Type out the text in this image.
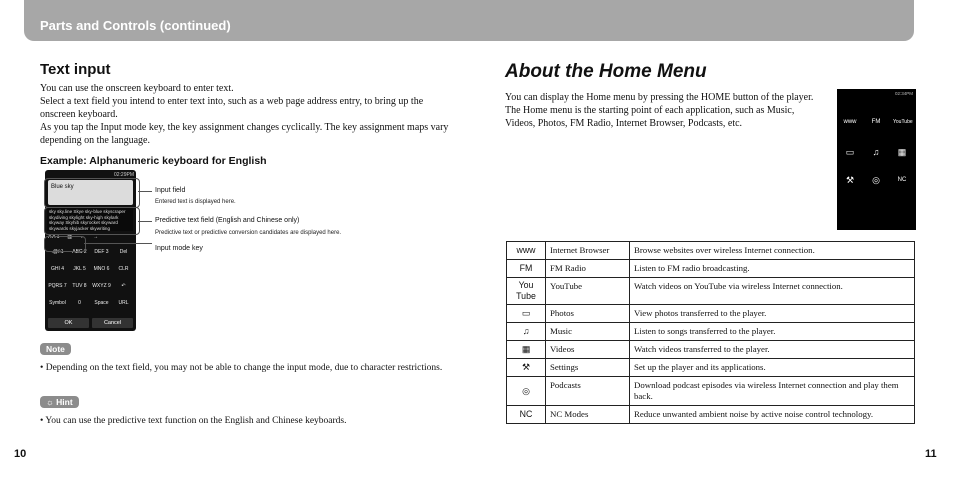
Parts and Controls (continued)
Text input
You can use the onscreen keyboard to enter text.
Select a text field you intend to enter text into, such as a web page address entry, to bring up the onscreen keyboard.
As you tap the Input mode key, the key assignment changes cyclically. The key assignment maps vary depending on the language.
Example: Alphanumeric keyboard for English
02:29PM
Blue sky
sky sky.line Skye sky-blue skyscraper skydiving skylight sky-high skylark skyway Skyhib skyrocket skyward skywards skyjacker skywriting
A A 1 ▥ ← →
.@/:1	ABC 2	DEF 3	Del
GHI 4	JKL 5	MNO 6	CLR
PQRS 7	TUV 8	WXYZ 9	↶
Symbol	0	Space	URL
OK	Cancel
Input field
Entered text is displayed here.
Predictive text field (English and Chinese only)
Predictive text or predictive conversion candidates are displayed here.
Input mode key
Note
• Depending on the text field, you may not be able to change the input mode, due to character restrictions.
☼ Hint
• You can use the predictive text function on the English and Chinese keyboards.
10
About the Home Menu
You can display the Home menu by pressing the HOME button of the player. The Home menu is the starting point of each application, such as Music, Videos, Photos, FM Radio, Internet Browser, Podcasts, etc.
02:34PM
www	FM	YouTube
▭	♫	▦
⚒	◎	NC
www	Internet Browser	Browse websites over wireless Internet connection.
FM	FM Radio	Listen to FM radio broadcasting.
You Tube	YouTube	Watch videos on YouTube via wireless Internet connection.
▭	Photos	View photos transferred to the player.
♫	Music	Listen to songs transferred to the player.
▦	Videos	Watch videos transferred to the player.
⚒	Settings	Set up the player and its applications.
◎	Podcasts	Download podcast episodes via wireless Internet connection and play them back.
NC	NC Modes	Reduce unwanted ambient noise by active noise control technology.
11
